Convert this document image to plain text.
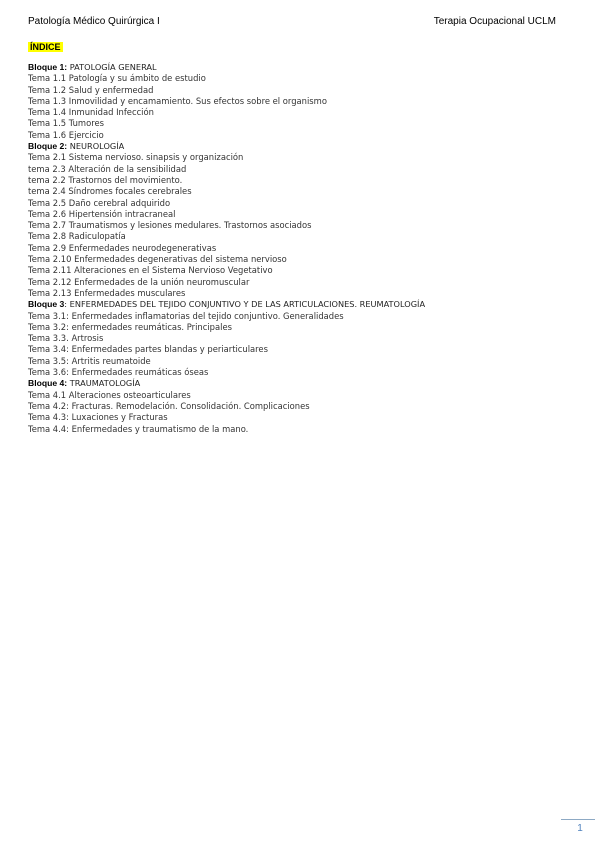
Patología Médico Quirúrgica I	Terapia Ocupacional UCLM
ÍNDICE
Bloque 1: PATOLOGÍA GENERAL
Tema 1.1 Patología y su ámbito de estudio
Tema 1.2 Salud y enfermedad
Tema 1.3 Inmovilidad y encamamiento. Sus efectos sobre el organismo
Tema 1.4 Inmunidad Infección
Tema 1.5 Tumores
Tema 1.6 Ejercicio
Bloque 2: NEUROLOGÍA
Tema 2.1 Sistema nervioso. sinapsis y organización
tema 2.3 Alteración de la sensibilidad
tema 2.2 Trastornos del movimiento.
tema 2.4 Síndromes focales cerebrales
Tema 2.5 Daño cerebral adquirido
Tema 2.6 Hipertensión intracraneal
Tema 2.7 Traumatismos y lesiones medulares. Trastornos asociados
Tema 2.8 Radiculopatía
Tema 2.9 Enfermedades neurodegenerativas
Tema 2.10 Enfermedades degenerativas del sistema nervioso
Tema 2.11 Alteraciones en el Sistema Nervioso Vegetativo
Tema 2.12 Enfermedades de la unión neuromuscular
Tema 2.13 Enfermedades musculares
Bloque 3: ENFERMEDADES DEL TEJIDO CONJUNTIVO Y DE LAS ARTICULACIONES. REUMATOLOGÍA
Tema 3.1: Enfermedades inflamatorias del tejido conjuntivo. Generalidades
Tema 3.2: enfermedades reumáticas. Principales
Tema 3.3. Artrosis
Tema 3.4: Enfermedades partes blandas y periarticulares
Tema 3.5: Artritis reumatoide
Tema 3.6: Enfermedades reumáticas óseas
Bloque 4: TRAUMATOLOGÍA
Tema 4.1 Alteraciones osteoarticulares
Tema 4.2: Fracturas. Remodelación. Consolidación. Complicaciones
Tema 4.3: Luxaciones y Fracturas
Tema 4.4: Enfermedades y traumatismo de la mano.
1
